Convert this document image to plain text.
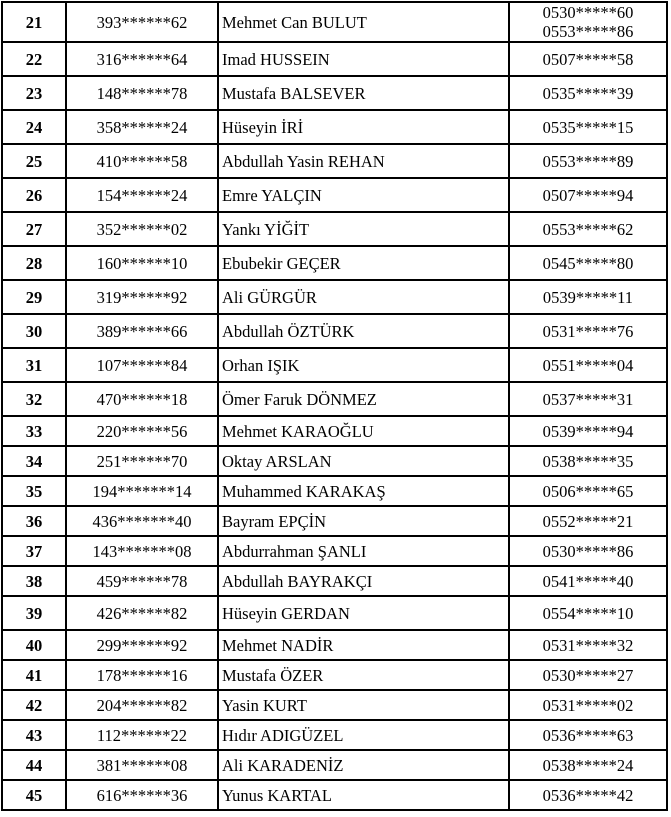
21	393******62	Mehmet Can BULUT	0530*****60
0553*****86

22	316******64	Imad HUSSEIN	0507*****58

23	148******78	Mustafa BALSEVER	0535*****39

24	358******24	Hüseyin İRİ	0535*****15

25	410******58	Abdullah Yasin REHAN	0553*****89

26	154******24	Emre YALÇIN	0507*****94

27	352******02	Yankı YİĞİT	0553*****62

28	160******10	Ebubekir GEÇER	0545*****80

29	319******92	Ali GÜRGÜR	0539*****11

30	389******66	Abdullah ÖZTÜRK	0531*****76

31	107******84	Orhan IŞIK	0551*****04

32	470******18	Ömer Faruk DÖNMEZ	0537*****31

33	220******56	Mehmet KARAOĞLU	0539*****94

34	251******70	Oktay ARSLAN	0538*****35

35	194*******14	Muhammed KARAKAŞ	0506*****65

36	436*******40	Bayram EPÇİN	0552*****21

37	143*******08	Abdurrahman ŞANLI	0530*****86

38	459******78	Abdullah BAYRAKÇI	0541*****40

39	426******82	Hüseyin GERDAN	0554*****10

40	299******92	Mehmet NADİR	0531*****32

41	178******16	Mustafa ÖZER	0530*****27

42	204******82	Yasin KURT	0531*****02

43	112******22	Hıdır ADIGÜZEL	0536*****63

44	381******08	Ali KARADENİZ	0538*****24

45	616******36	Yunus KARTAL	0536*****42
